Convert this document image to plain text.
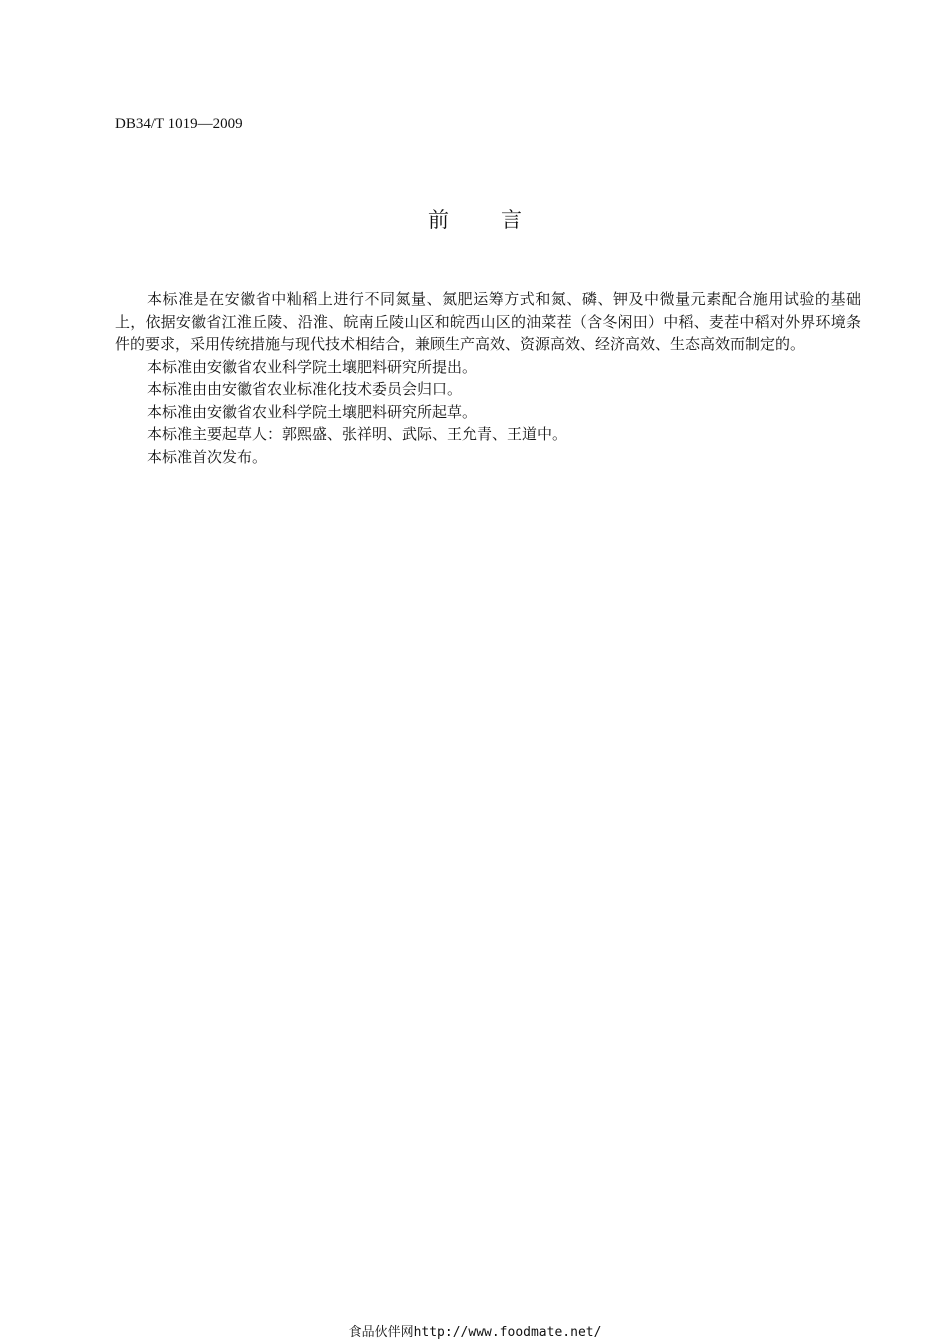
DB34/T 1019—2009
前言

本标准是在安徽省中籼稻上进行不同氮量、氮肥运筹方式和氮、磷、钾及中微量元素配合施用试验的基础上，依据安徽省江淮丘陵、沿淮、皖南丘陵山区和皖西山区的油菜茬（含冬闲田）中稻、麦茬中稻对外界环境条件的要求，采用传统措施与现代技术相结合，兼顾生产高效、资源高效、经济高效、生态高效而制定的。

本标准由安徽省农业科学院土壤肥料研究所提出。

本标准由由安徽省农业标准化技术委员会归口。

本标准由安徽省农业科学院土壤肥料研究所起草。

本标准主要起草人：郭熙盛、张祥明、武际、王允青、王道中。

本标准首次发布。

食品伙伴网http://www.foodmate.net/
